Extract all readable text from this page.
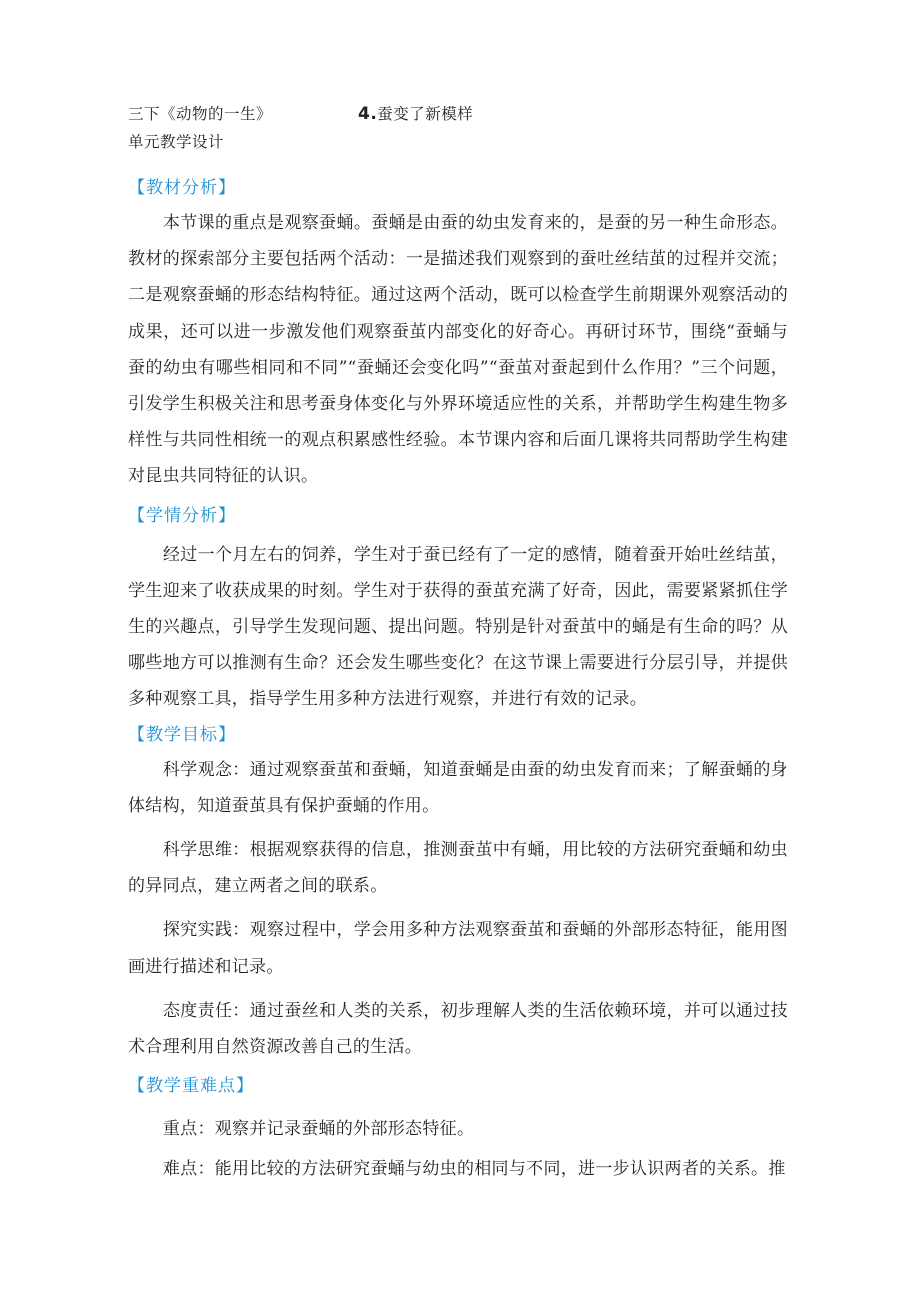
三下《动物的一生》单元教学设计
4.蚕变了新模样

【教材分析】

本节课的重点是观察蚕蛹。蚕蛹是由蚕的幼虫发育来的，是蚕的另一种生命形态。教材的探索部分主要包括两个活动：一是描述我们观察到的蚕吐丝结茧的过程并交流；二是观察蚕蛹的形态结构特征。通过这两个活动，既可以检查学生前期课外观察活动的成果，还可以进一步激发他们观察蚕茧内部变化的好奇心。再研讨环节，围绕“蚕蛹与蚕的幼虫有哪些相同和不同”“蚕蛹还会变化吗”“蚕茧对蚕起到什么作用？”三个问题，引发学生积极关注和思考蚕身体变化与外界环境适应性的关系，并帮助学生构建生物多样性与共同性相统一的观点积累感性经验。本节课内容和后面几课将共同帮助学生构建对昆虫共同特征的认识。

【学情分析】

经过一个月左右的饲养，学生对于蚕已经有了一定的感情，随着蚕开始吐丝结茧，学生迎来了收获成果的时刻。学生对于获得的蚕茧充满了好奇，因此，需要紧紧抓住学生的兴趣点，引导学生发现问题、提出问题。特别是针对蚕茧中的蛹是有生命的吗？从哪些地方可以推测有生命？还会发生哪些变化？在这节课上需要进行分层引导，并提供多种观察工具，指导学生用多种方法进行观察，并进行有效的记录。

【教学目标】

科学观念：通过观察蚕茧和蚕蛹，知道蚕蛹是由蚕的幼虫发育而来；了解蚕蛹的身体结构，知道蚕茧具有保护蚕蛹的作用。

科学思维：根据观察获得的信息，推测蚕茧中有蛹，用比较的方法研究蚕蛹和幼虫的异同点，建立两者之间的联系。

探究实践：观察过程中，学会用多种方法观察蚕茧和蚕蛹的外部形态特征，能用图画进行描述和记录。

态度责任：通过蚕丝和人类的关系，初步理解人类的生活依赖环境，并可以通过技术合理利用自然资源改善自己的生活。

【教学重难点】

重点：观察并记录蚕蛹的外部形态特征。

难点：能用比较的方法研究蚕蛹与幼虫的相同与不同，进一步认识两者的关系。推
